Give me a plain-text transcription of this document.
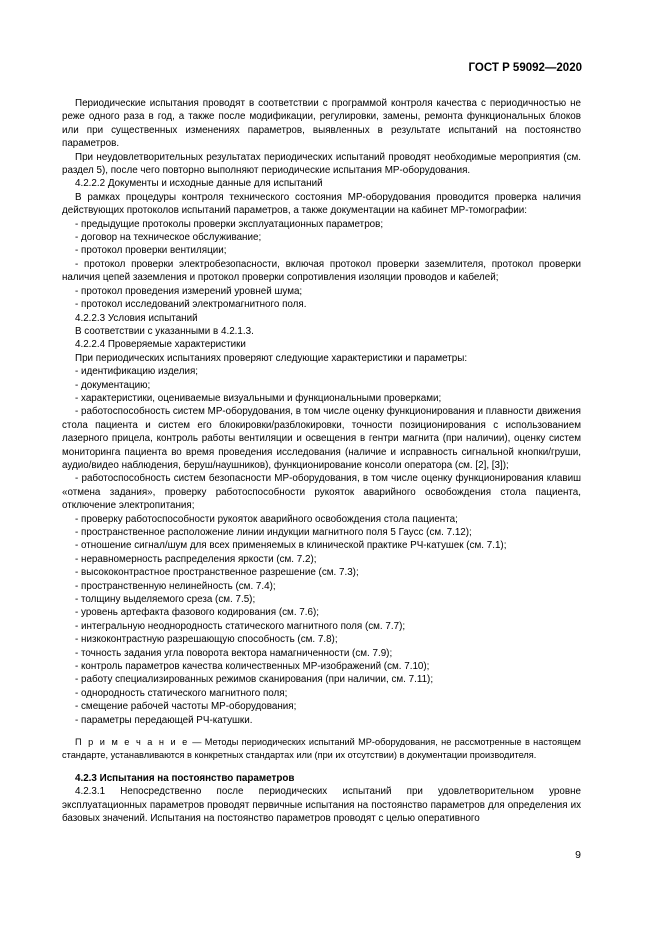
ГОСТ Р 59092—2020

Периодические испытания проводят в соответствии с программой контроля качества с периодичностью не реже одного раза в год, а также после модификации, регулировки, замены, ремонта функциональных блоков или при существенных изменениях параметров, выявленных в результате испытаний на постоянство параметров.

При неудовлетворительных результатах периодических испытаний проводят необходимые мероприятия (см. раздел 5), после чего повторно выполняют периодические испытания МР-оборудования.

4.2.2.2 Документы и исходные данные для испытаний

В рамках процедуры контроля технического состояния МР-оборудования проводится проверка наличия действующих протоколов испытаний параметров, а также документации на кабинет МР-томографии:

- предыдущие протоколы проверки эксплуатационных параметров;

- договор на техническое обслуживание;

- протокол проверки вентиляции;

- протокол проверки электробезопасности, включая протокол проверки заземлителя, протокол проверки наличия цепей заземления и протокол проверки сопротивления изоляции проводов и кабелей;

- протокол проведения измерений уровней шума;

- протокол исследований электромагнитного поля.

4.2.2.3 Условия испытаний

В соответствии с указанными в 4.2.1.3.

4.2.2.4 Проверяемые характеристики

При периодических испытаниях проверяют следующие характеристики и параметры:

- идентификацию изделия;

- документацию;

- характеристики, оцениваемые визуальными и функциональными проверками;

- работоспособность систем МР-оборудования, в том числе оценку функционирования и плавности движения стола пациента и систем его блокировки/разблокировки, точности позиционирования с использованием лазерного прицела, контроль работы вентиляции и освещения в гентри магнита (при наличии), оценку систем мониторинга пациента во время проведения исследования (наличие и исправность сигнальной кнопки/груши, аудио/видео наблюдения, беруш/наушников), функционирование консоли оператора (см. [2], [3]);

- работоспособность систем безопасности МР-оборудования, в том числе оценку функционирования клавиш «отмена задания», проверку работоспособности рукояток аварийного освобождения стола пациента, отключение электропитания;

- проверку работоспособности рукояток аварийного освобождения стола пациента;

- пространственное расположение линии индукции магнитного поля 5 Гаусс (см. 7.12);

- отношение сигнал/шум для всех применяемых в клинической практике РЧ-катушек (см. 7.1);

- неравномерность распределения яркости (см. 7.2);

- высококонтрастное пространственное разрешение (см. 7.3);

- пространственную нелинейность (см. 7.4);

- толщину выделяемого среза (см. 7.5);

- уровень артефакта фазового кодирования (см. 7.6);

- интегральную неоднородность статического магнитного поля (см. 7.7);

- низкоконтрастную разрешающую способность (см. 7.8);

- точность задания угла поворота вектора намагниченности (см. 7.9);

- контроль параметров качества количественных МР-изображений (см. 7.10);

- работу специализированных режимов сканирования (при наличии, см. 7.11);

- однородность статического магнитного поля;

- смещение рабочей частоты МР-оборудования;

- параметры передающей РЧ-катушки.

П р и м е ч а н и е — Методы периодических испытаний МР-оборудования, не рассмотренные в настоящем стандарте, устанавливаются в конкретных стандартах или (при их отсутствии) в документации производителя.

4.2.3 Испытания на постоянство параметров

4.2.3.1 Непосредственно после периодических испытаний при удовлетворительном уровне эксплуатационных параметров проводят первичные испытания на постоянство параметров для определения их базовых значений. Испытания на постоянство параметров проводят с целью оперативного

9
